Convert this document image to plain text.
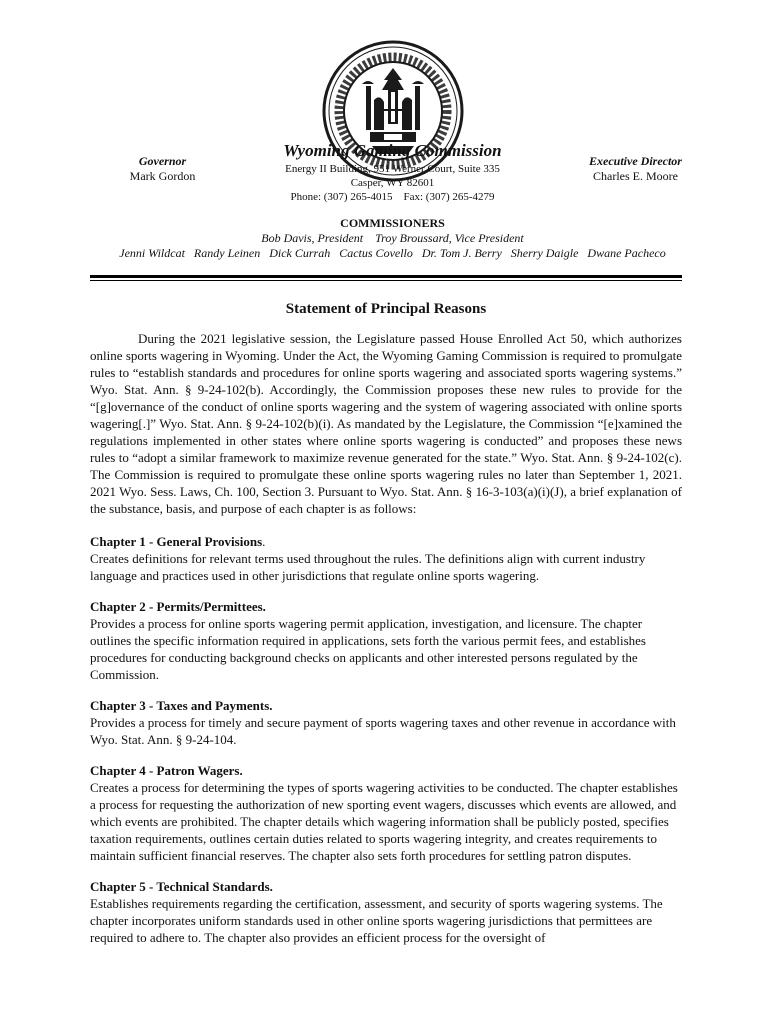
Governor
Mark Gordon
Wyoming Gaming Commission
Energy II Building, 951 Werner Court, Suite 335
Casper, WY 82601
Phone: (307) 265-4015    Fax: (307) 265-4279
Executive Director
Charles E. Moore
COMMISSIONERS
Bob Davis, President    Troy Broussard, Vice President
Jenni Wildcat   Randy Leinen   Dick Currah   Cactus Covello   Dr. Tom J. Berry   Sherry Daigle   Dwane Pacheco
Statement of Principal Reasons

During the 2021 legislative session, the Legislature passed House Enrolled Act 50, which authorizes online sports wagering in Wyoming. Under the Act, the Wyoming Gaming Commission is required to promulgate rules to “establish standards and procedures for online sports wagering and associated sports wagering systems.” Wyo. Stat. Ann. § 9-24-102(b). Accordingly, the Commission proposes these new rules to provide for the “[g]overnance of the conduct of online sports wagering and the system of wagering associated with online sports wagering[.]” Wyo. Stat. Ann. § 9-24-102(b)(i). As mandated by the Legislature, the Commission “[e]xamined the regulations implemented in other states where online sports wagering is conducted” and proposes these news rules to “adopt a similar framework to maximize revenue generated for the state.” Wyo. Stat. Ann. § 9-24-102(c). The Commission is required to promulgate these online sports wagering rules no later than September 1, 2021. 2021 Wyo. Sess. Laws, Ch. 100, Section 3. Pursuant to Wyo. Stat. Ann. § 16-3-103(a)(i)(J), a brief explanation of the substance, basis, and purpose of each chapter is as follows:

Chapter 1 - General Provisions.

Creates definitions for relevant terms used throughout the rules. The definitions align with current industry language and practices used in other jurisdictions that regulate online sports wagering.

Chapter 2 - Permits/Permittees.

Provides a process for online sports wagering permit application, investigation, and licensure. The chapter outlines the specific information required in applications, sets forth the various permit fees, and establishes procedures for conducting background checks on applicants and other interested persons regulated by the Commission.

Chapter 3 - Taxes and Payments.

Provides a process for timely and secure payment of sports wagering taxes and other revenue in accordance with Wyo. Stat. Ann. § 9-24-104.

Chapter 4 - Patron Wagers.

Creates a process for determining the types of sports wagering activities to be conducted. The chapter establishes a process for requesting the authorization of new sporting event wagers, discusses which events are allowed, and which events are prohibited. The chapter details which wagering information shall be publicly posted, specifies taxation requirements, outlines certain duties related to sports wagering integrity, and creates requirements to maintain sufficient financial reserves. The chapter also sets forth procedures for settling patron disputes.

Chapter 5 - Technical Standards.

Establishes requirements regarding the certification, assessment, and security of sports wagering systems. The chapter incorporates uniform standards used in other online sports wagering jurisdictions that permittees are required to adhere to. The chapter also provides an efficient process for the oversight of
